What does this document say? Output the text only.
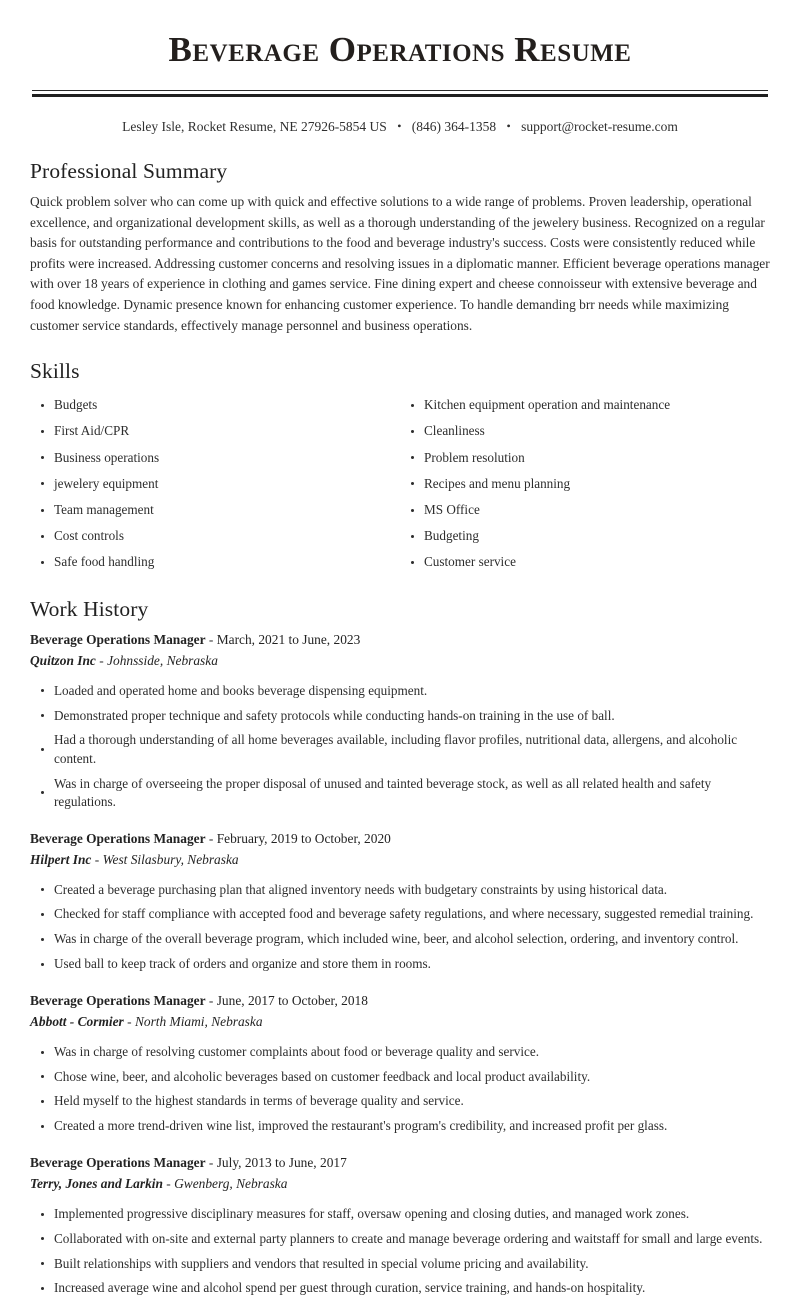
Beverage Operations Resume
Lesley Isle, Rocket Resume, NE 27926-5854 US • (846) 364-1358 • support@rocket-resume.com
Professional Summary

Quick problem solver who can come up with quick and effective solutions to a wide range of problems. Proven leadership, operational excellence, and organizational development skills, as well as a thorough understanding of the jewelery business. Recognized on a regular basis for outstanding performance and contributions to the food and beverage industry's success. Costs were consistently reduced while profits were increased. Addressing customer concerns and resolving issues in a diplomatic manner. Efficient beverage operations manager with over 18 years of experience in clothing and games service. Fine dining expert and cheese connoisseur with extensive beverage and food knowledge. Dynamic presence known for enhancing customer experience. To handle demanding brr needs while maximizing customer service standards, effectively manage personnel and business operations.

Skills
Budgets
First Aid/CPR
Business operations
jewelery equipment
Team management
Cost controls
Safe food handling
Kitchen equipment operation and maintenance
Cleanliness
Problem resolution
Recipes and menu planning
MS Office
Budgeting
Customer service
Work History
Beverage Operations Manager - March, 2021 to June, 2023
Quitzon Inc - Johnsside, Nebraska
Loaded and operated home and books beverage dispensing equipment.
Demonstrated proper technique and safety protocols while conducting hands-on training in the use of ball.
Had a thorough understanding of all home beverages available, including flavor profiles, nutritional data, allergens, and alcoholic content.
Was in charge of overseeing the proper disposal of unused and tainted beverage stock, as well as all related health and safety regulations.
Beverage Operations Manager - February, 2019 to October, 2020
Hilpert Inc - West Silasbury, Nebraska
Created a beverage purchasing plan that aligned inventory needs with budgetary constraints by using historical data.
Checked for staff compliance with accepted food and beverage safety regulations, and where necessary, suggested remedial training.
Was in charge of the overall beverage program, which included wine, beer, and alcohol selection, ordering, and inventory control.
Used ball to keep track of orders and organize and store them in rooms.
Beverage Operations Manager - June, 2017 to October, 2018
Abbott - Cormier - North Miami, Nebraska
Was in charge of resolving customer complaints about food or beverage quality and service.
Chose wine, beer, and alcoholic beverages based on customer feedback and local product availability.
Held myself to the highest standards in terms of beverage quality and service.
Created a more trend-driven wine list, improved the restaurant's program's credibility, and increased profit per glass.
Beverage Operations Manager - July, 2013 to June, 2017
Terry, Jones and Larkin - Gwenberg, Nebraska
Implemented progressive disciplinary measures for staff, oversaw opening and closing duties, and managed work zones.
Collaborated with on-site and external party planners to create and manage beverage ordering and waitstaff for small and large events.
Built relationships with suppliers and vendors that resulted in special volume pricing and availability.
Increased average wine and alcohol spend per guest through curation, service training, and hands-on hospitality.
